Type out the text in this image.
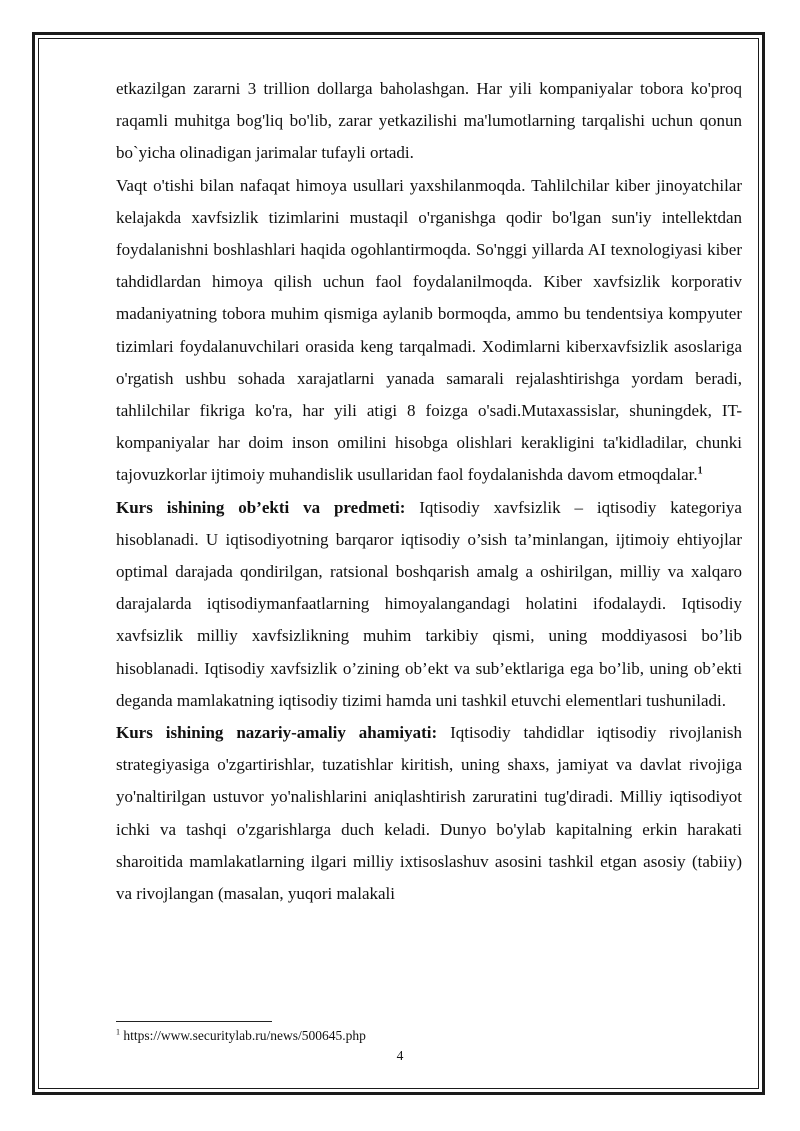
etkazilgan zararni 3 trillion dollarga baholashgan. Har yili kompaniyalar tobora ko'proq raqamli muhitga bog'liq bo'lib, zarar yetkazilishi ma'lumotlarning tarqalishi uchun qonun bo`yicha olinadigan jarimalar tufayli ortadi.

Vaqt o'tishi bilan nafaqat himoya usullari yaxshilanmoqda. Tahlilchilar kiber jinoyatchilar kelajakda xavfsizlik tizimlarini mustaqil o'rganishga qodir bo'lgan sun'iy intellektdan foydalanishni boshlashlari haqida ogohlantirmoqda. So'nggi yillarda AI texnologiyasi kiber tahdidlardan himoya qilish uchun faol foydalanilmoqda. Kiber xavfsizlik korporativ madaniyatning tobora muhim qismiga aylanib bormoqda, ammo bu tendentsiya kompyuter tizimlari foydalanuvchilari orasida keng tarqalmadi. Xodimlarni kiberxavfsizlik asoslariga o'rgatish ushbu sohada xarajatlarni yanada samarali rejalashtirishga yordam beradi, tahlilchilar fikriga ko'ra, har yili atigi 8 foizga o'sadi.Mutaxassislar, shuningdek, IT-kompaniyalar har doim inson omilini hisobga olishlari kerakligini ta'kidladilar, chunki tajovuzkorlar ijtimoiy muhandislik usullaridan faol foydalanishda davom etmoqdalar.$^1$

Kurs ishining ob’ekti va predmeti: Iqtisodiy xavfsizlik – iqtisodiy kategoriya hisoblanadi. U iqtisodiyotning barqaror iqtisodiy o’sish ta’minlangan, ijtimoiy ehtiyojlar optimal darajada qondirilgan, ratsional boshqarish amalg a oshirilgan, milliy va xalqaro darajalarda iqtisodiymanfaatlarning himoyalangandagi holatini ifodalaydi. Iqtisodiy xavfsizlik milliy xavfsizlikning muhim tarkibiy qismi, uning moddiyasosi bo’lib hisoblanadi. Iqtisodiy xavfsizlik o’zining ob’ekt va sub’ektlariga ega bo’lib, uning ob’ekti deganda mamlakatning iqtisodiy tizimi hamda uni tashkil etuvchi elementlari tushuniladi.

Kurs ishining nazariy-amaliy ahamiyati: Iqtisodiy tahdidlar iqtisodiy rivojlanish strategiyasiga o'zgartirishlar, tuzatishlar kiritish, uning shaxs, jamiyat va davlat rivojiga yo'naltirilgan ustuvor yo'nalishlarini aniqlashtirish zaruratini tug'diradi. Milliy iqtisodiyot ichki va tashqi o'zgarishlarga duch keladi. Dunyo bo'ylab kapitalning erkin harakati sharoitida mamlakatlarning ilgari milliy ixtisoslashuv asosini tashkil etgan asosiy (tabiiy) va rivojlangan (masalan, yuqori malakali

$^1$ https://www.securitylab.ru/news/500645.php
4
